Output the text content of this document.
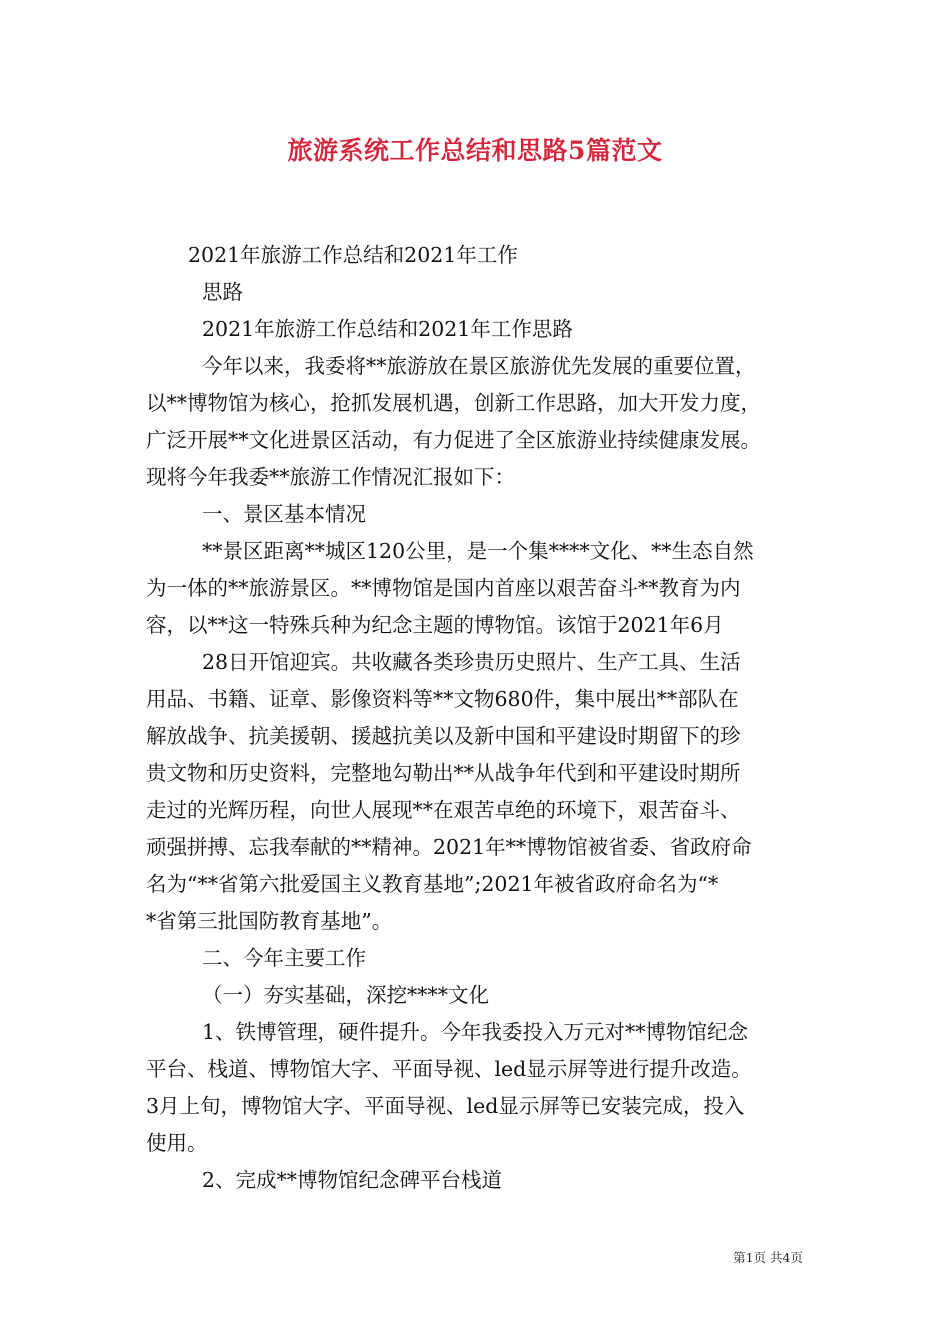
旅游系统工作总结和思路5篇范文

2021年旅游工作总结和2021年工作

思路

2021年旅游工作总结和2021年工作思路

今年以来，我委将**旅游放在景区旅游优先发展的重要位置，

以**博物馆为核心，抢抓发展机遇，创新工作思路，加大开发力度，

广泛开展**文化进景区活动，有力促进了全区旅游业持续健康发展。

现将今年我委**旅游工作情况汇报如下：

一、景区基本情况

**景区距离**城区120公里，是一个集****文化、**生态自然

为一体的**旅游景区。**博物馆是国内首座以艰苦奋斗**教育为内

容，以**这一特殊兵种为纪念主题的博物馆。该馆于2021年6月

28日开馆迎宾。共收藏各类珍贵历史照片、生产工具、生活

用品、书籍、证章、影像资料等**文物680件，集中展出**部队在

解放战争、抗美援朝、援越抗美以及新中国和平建设时期留下的珍

贵文物和历史资料，完整地勾勒出**从战争年代到和平建设时期所

走过的光辉历程，向世人展现**在艰苦卓绝的环境下，艰苦奋斗、

顽强拼搏、忘我奉献的**精神。2021年**博物馆被省委、省政府命

名为“**省第六批爱国主义教育基地”;2021年被省政府命名为“*

*省第三批国防教育基地”。

二、今年主要工作

（一）夯实基础，深挖****文化

1、铁博管理，硬件提升。今年我委投入万元对**博物馆纪念

平台、栈道、博物馆大字、平面导视、led显示屏等进行提升改造。

3月上旬，博物馆大字、平面导视、led显示屏等已安装完成，投入

使用。

2、完成**博物馆纪念碑平台栈道

第1页 共4页
